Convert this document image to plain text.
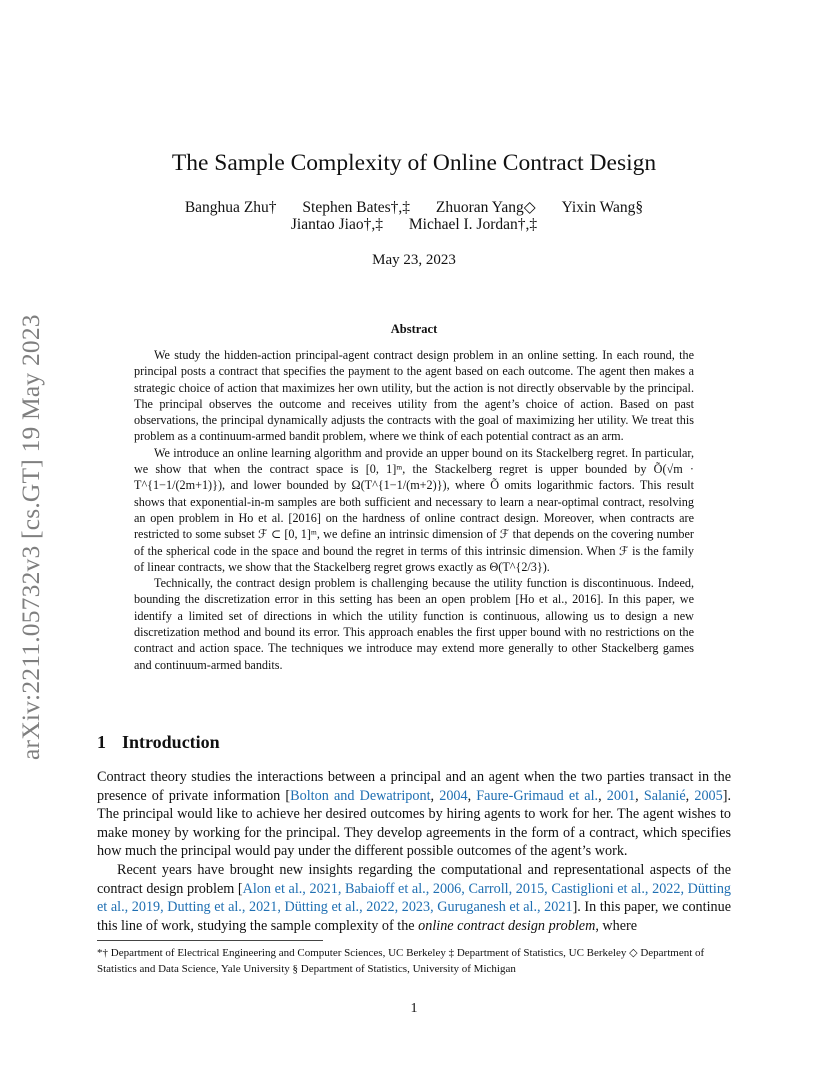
arXiv:2211.05732v3 [cs.GT] 19 May 2023
The Sample Complexity of Online Contract Design
Banghua Zhu† Stephen Bates†,‡ Zhuoran Yang◇ Yixin Wang§
Jiantao Jiao†,‡ Michael I. Jordan†,‡
May 23, 2023
Abstract

We study the hidden-action principal-agent contract design problem in an online setting. In each round, the principal posts a contract that specifies the payment to the agent based on each outcome. The agent then makes a strategic choice of action that maximizes her own utility, but the action is not directly observable by the principal. The principal observes the outcome and receives utility from the agent’s choice of action. Based on past observations, the principal dynamically adjusts the contracts with the goal of maximizing her utility. We treat this problem as a continuum-armed bandit problem, where we think of each potential contract as an arm.

We introduce an online learning algorithm and provide an upper bound on its Stackelberg regret. In particular, we show that when the contract space is [0, 1]ᵐ, the Stackelberg regret is upper bounded by Õ(√m · T^{1−1/(2m+1)}), and lower bounded by Ω(T^{1−1/(m+2)}), where Õ omits logarithmic factors. This result shows that exponential-in-m samples are both sufficient and necessary to learn a near-optimal contract, resolving an open problem in Ho et al. [2016] on the hardness of online contract design. Moreover, when contracts are restricted to some subset ℱ ⊂ [0, 1]ᵐ, we define an intrinsic dimension of ℱ that depends on the covering number of the spherical code in the space and bound the regret in terms of this intrinsic dimension. When ℱ is the family of linear contracts, we show that the Stackelberg regret grows exactly as Θ(T^{2/3}).

Technically, the contract design problem is challenging because the utility function is discontinuous. Indeed, bounding the discretization error in this setting has been an open problem [Ho et al., 2016]. In this paper, we identify a limited set of directions in which the utility function is continuous, allowing us to design a new discretization method and bound its error. This approach enables the first upper bound with no restrictions on the contract and action space. The techniques we introduce may extend more generally to other Stackelberg games and continuum-armed bandits.

1 Introduction

Contract theory studies the interactions between a principal and an agent when the two parties transact in the presence of private information [Bolton and Dewatripont, 2004, Faure-Grimaud et al., 2001, Salanié, 2005]. The principal would like to achieve her desired outcomes by hiring agents to work for her. The agent wishes to make money by working for the principal. They develop agreements in the form of a contract, which specifies how much the principal would pay under the different possible outcomes of the agent’s work.

Recent years have brought new insights regarding the computational and representational aspects of the contract design problem [Alon et al., 2021, Babaioff et al., 2006, Carroll, 2015, Castiglioni et al., 2022, Dütting et al., 2019, Dutting et al., 2021, Dütting et al., 2022, 2023, Guruganesh et al., 2021]. In this paper, we continue this line of work, studying the sample complexity of the online contract design problem, where

*† Department of Electrical Engineering and Computer Sciences, UC Berkeley ‡ Department of Statistics, UC Berkeley ◇ Department of Statistics and Data Science, Yale University § Department of Statistics, University of Michigan
1
